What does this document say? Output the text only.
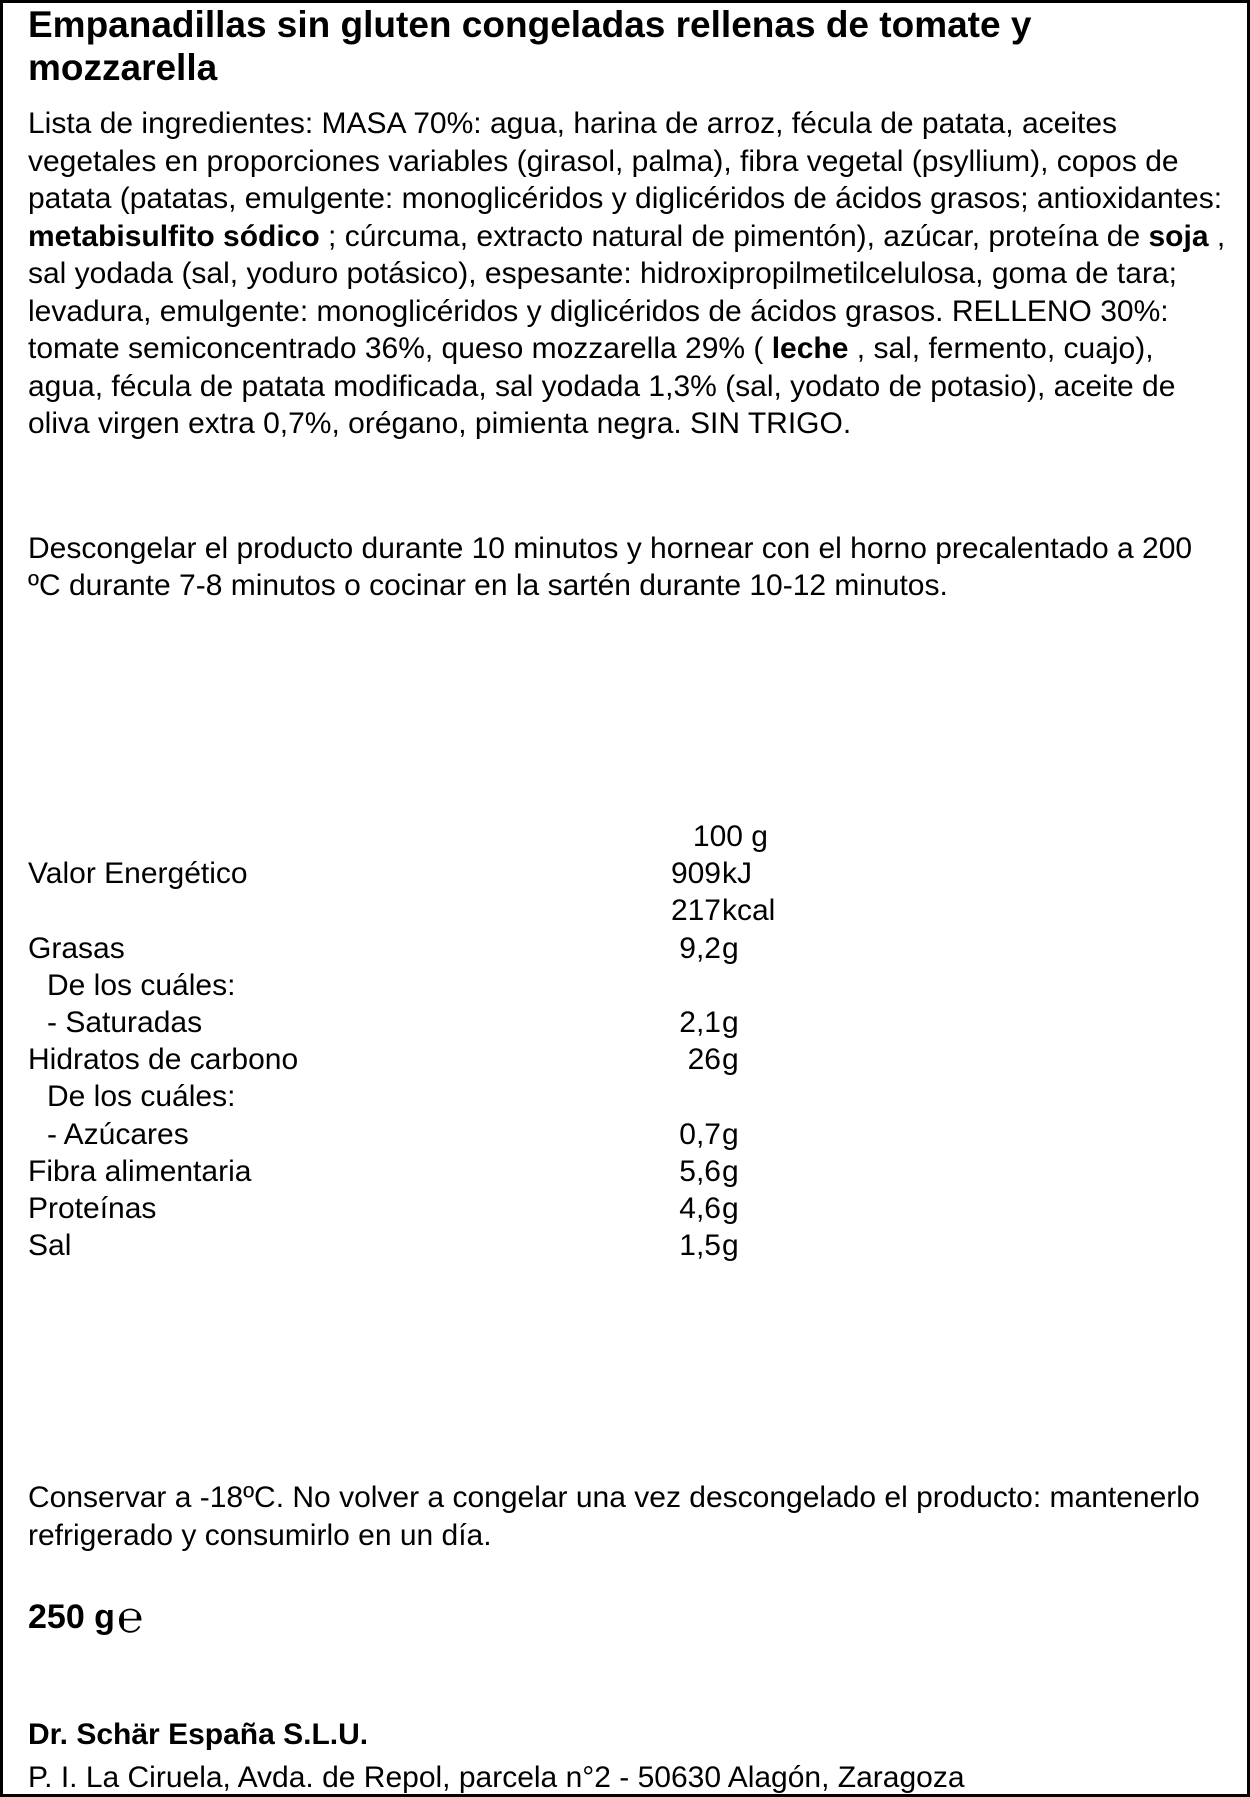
Empanadillas sin gluten congeladas rellenas de tomate y mozzarella

Lista de ingredientes: MASA 70%: agua, harina de arroz, fécula de patata, aceites vegetales en proporciones variables (girasol, palma), fibra vegetal (psyllium), copos de patata (patatas, emulgente: monoglicéridos y diglicéridos de ácidos grasos; antioxidantes: metabisulfito sódico ; cúrcuma, extracto natural de pimentón), azúcar, proteína de soja , sal yodada (sal, yoduro potásico), espesante: hidroxipropilmetilcelulosa, goma de tara; levadura, emulgente: monoglicéridos y diglicéridos de ácidos grasos. RELLENO 30%: tomate semiconcentrado 36%, queso mozzarella 29% ( leche , sal, fermento, cuajo), agua, fécula de patata modificada, sal yodada 1,3% (sal, yodato de potasio), aceite de oliva virgen extra 0,7%, orégano, pimienta negra. SIN TRIGO.

Descongelar el producto durante 10 minutos y hornear con el horno precalentado a 200 ºC durante 7-8 minutos o cocinar en la sartén durante 10-12 minutos.

100 g
Valor Energético	909kJ
217kcal
Grasas	9,2g
De los cuáles:
- Saturadas	2,1g
Hidratos de carbono	26g
De los cuáles:
- Azúcares	0,7g
Fibra alimentaria	5,6g
Proteínas	4,6g
Sal	1,5g

Conservar a -18ºC. No volver a congelar una vez descongelado el producto: mantenerlo refrigerado y consumirlo en un día.

250 g℮

Dr. Schär España S.L.U.

P. I. La Ciruela, Avda. de Repol, parcela n°2 - 50630 Alagón, Zaragoza
